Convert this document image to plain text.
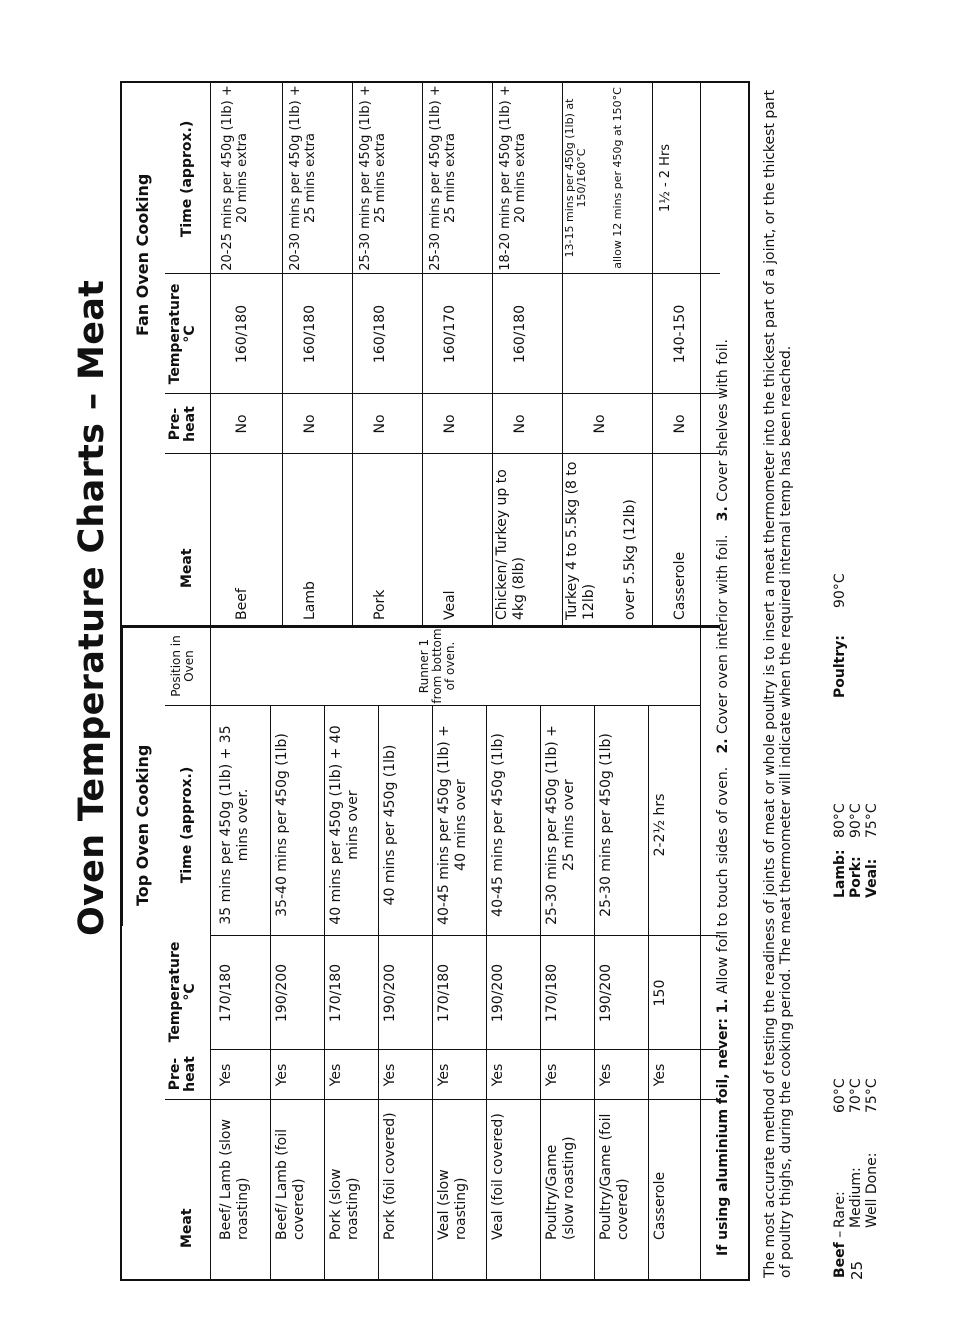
Oven Temperature Charts – Meat Top Oven Cooking
Meat
Pre-heat
Temperature °C
Time (approx.)
Position in Oven
Beef/ Lamb (slow roasting)
Yes
170/180
35 mins per 450g (1lb) + 35 mins over.
Beef/ Lamb (foil covered)
Yes
190/200
35-40 mins per 450g (1lb)
Pork (slow roasting)
Yes
170/180
40 mins per 450g (1lb) + 40 mins over
Pork (foil covered)
Yes
190/200
40 mins per 450g (1lb)
Veal (slow roasting)
Yes
170/180
40-45 mins per 450g (1lb) + 40 mins over
Veal (foil covered)
Yes
190/200
40-45 mins per 450g (1lb)
Poultry/Game (slow roasting)
Yes
170/180
25-30 mins per 450g (1lb) + 25 mins over
Poultry/Game (foil covered)
Yes
190/200
25-30 mins per 450g (1lb)
Casserole
Yes
150
2-2½ hrs
Runner 1 from bottom of oven.
Fan Oven Cooking
Meat
Pre-heat
Temperature °C
Time (approx.)
Beef
No
160/180
20-25 mins per 450g (1lb) + 20 mins extra
Lamb
No
160/180
20-30 mins per 450g (1lb) + 25 mins extra
Pork
No
160/180
25-30 mins per 450g (1lb) + 25 mins extra
Veal
No
160/170
25-30 mins per 450g (1lb) + 25 mins extra
Chicken/ Turkey up to 4kg (8lb)
No
160/180
18-20 mins per 450g (1lb) + 20 mins extra
Turkey 4 to 5.5kg (8 to 12lb) over 5.5kg (12lb)
No
13-15 mins per 450g (1lb) at 150/160°C allow 12 mins per 450g at 150°C
Casserole
No
140-150
1½ - 2 Hrs
If using aluminium foil, never: 1. Allow foil to touch sides of oven.   2. Cover oven interior with foil.   3. Cover shelves with foil. The most accurate method of testing the readiness of joints of meat or whole poultry is to insert a meat thermometer into the thickest part of a joint, or the thickest part of poultry thighs, during the cooking period. The meat thermometer will indicate when the required internal temp has been reached.	Beef –
Rare: Medium: Well Done:
60°C 70°C 75°C
Lamb: Pork: Veal:
80°C 90°C 75°C
Poultry:
90°C
25
